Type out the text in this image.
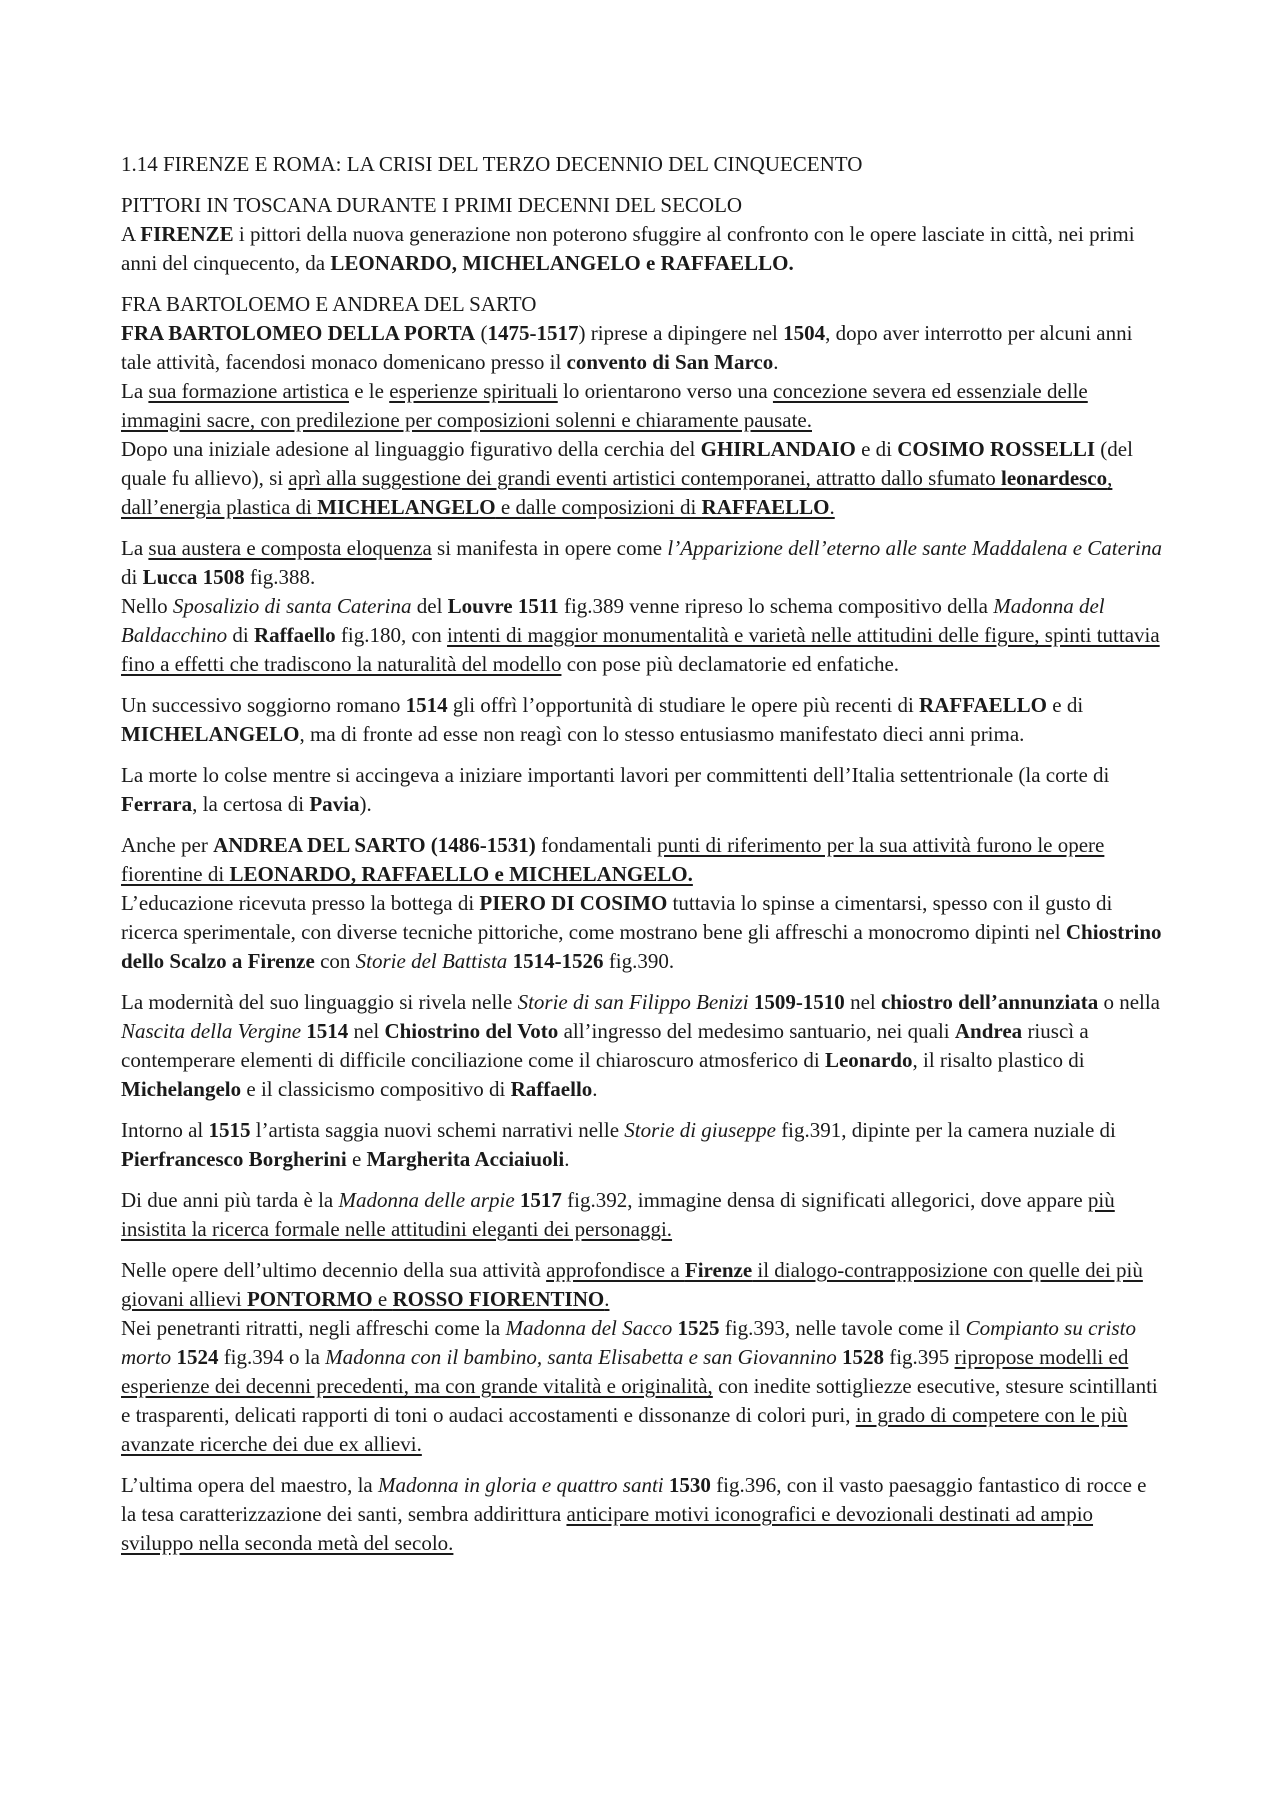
1.14 FIRENZE E ROMA: LA CRISI DEL TERZO DECENNIO DEL CINQUECENTO

PITTORI IN TOSCANA DURANTE I PRIMI DECENNI DEL SECOLO

A FIRENZE i pittori della nuova generazione non poterono sfuggire al confronto con le opere lasciate in città, nei primi anni del cinquecento, da LEONARDO, MICHELANGELO e RAFFAELLO.

FRA BARTOLOEMO E ANDREA DEL SARTO

FRA BARTOLOMEO DELLA PORTA (1475-1517) riprese a dipingere nel 1504, dopo aver interrotto per alcuni anni tale attività, facendosi monaco domenicano presso il convento di San Marco.

La sua formazione artistica e le esperienze spirituali lo orientarono verso una concezione severa ed essenziale delle immagini sacre, con predilezione per composizioni solenni e chiaramente pausate.

Dopo una iniziale adesione al linguaggio figurativo della cerchia del GHIRLANDAIO e di COSIMO ROSSELLI (del quale fu allievo), si aprì alla suggestione dei grandi eventi artistici contemporanei, attratto dallo sfumato leonardesco, dall’energia plastica di MICHELANGELO e dalle composizioni di RAFFAELLO.

La sua austera e composta eloquenza si manifesta in opere come l’Apparizione dell’eterno alle sante Maddalena e Caterina di Lucca 1508 fig.388.

Nello Sposalizio di santa Caterina del Louvre 1511 fig.389 venne ripreso lo schema compositivo della Madonna del Baldacchino di Raffaello fig.180, con intenti di maggior monumentalità e varietà nelle attitudini delle figure, spinti tuttavia fino a effetti che tradiscono la naturalità del modello con pose più declamatorie ed enfatiche.

Un successivo soggiorno romano 1514 gli offrì l’opportunità di studiare le opere più recenti di RAFFAELLO e di MICHELANGELO, ma di fronte ad esse non reagì con lo stesso entusiasmo manifestato dieci anni prima.

La morte lo colse mentre si accingeva a iniziare importanti lavori per committenti dell’Italia settentrionale (la corte di Ferrara, la certosa di Pavia).

Anche per ANDREA DEL SARTO (1486-1531) fondamentali punti di riferimento per la sua attività furono le opere fiorentine di LEONARDO, RAFFAELLO e MICHELANGELO.

L’educazione ricevuta presso la bottega di PIERO DI COSIMO tuttavia lo spinse a cimentarsi, spesso con il gusto di ricerca sperimentale, con diverse tecniche pittoriche, come mostrano bene gli affreschi a monocromo dipinti nel Chiostrino dello Scalzo a Firenze con Storie del Battista 1514-1526 fig.390.

La modernità del suo linguaggio si rivela nelle Storie di san Filippo Benizi 1509-1510 nel chiostro dell’annunziata o nella Nascita della Vergine 1514 nel Chiostrino del Voto all’ingresso del medesimo santuario, nei quali Andrea riuscì a contemperare elementi di difficile conciliazione come il chiaroscuro atmosferico di Leonardo, il risalto plastico di Michelangelo e il classicismo compositivo di Raffaello.

Intorno al 1515 l’artista saggia nuovi schemi narrativi nelle Storie di giuseppe fig.391, dipinte per la camera nuziale di Pierfrancesco Borgherini e Margherita Acciaiuoli.

Di due anni più tarda è la Madonna delle arpie 1517 fig.392, immagine densa di significati allegorici, dove appare più insistita la ricerca formale nelle attitudini eleganti dei personaggi.

Nelle opere dell’ultimo decennio della sua attività approfondisce a Firenze il dialogo-contrapposizione con quelle dei più giovani allievi PONTORMO e ROSSO FIORENTINO.

Nei penetranti ritratti, negli affreschi come la Madonna del Sacco 1525 fig.393, nelle tavole come il Compianto su cristo morto 1524 fig.394 o la Madonna con il bambino, santa Elisabetta e san Giovannino 1528 fig.395 ripropose modelli ed esperienze dei decenni precedenti, ma con grande vitalità e originalità, con inedite sottigliezze esecutive, stesure scintillanti e trasparenti, delicati rapporti di toni o audaci accostamenti e dissonanze di colori puri, in grado di competere con le più avanzate ricerche dei due ex allievi.

L’ultima opera del maestro, la Madonna in gloria e quattro santi 1530 fig.396, con il vasto paesaggio fantastico di rocce e la tesa caratterizzazione dei santi, sembra addirittura anticipare motivi iconografici e devozionali destinati ad ampio sviluppo nella seconda metà del secolo.
